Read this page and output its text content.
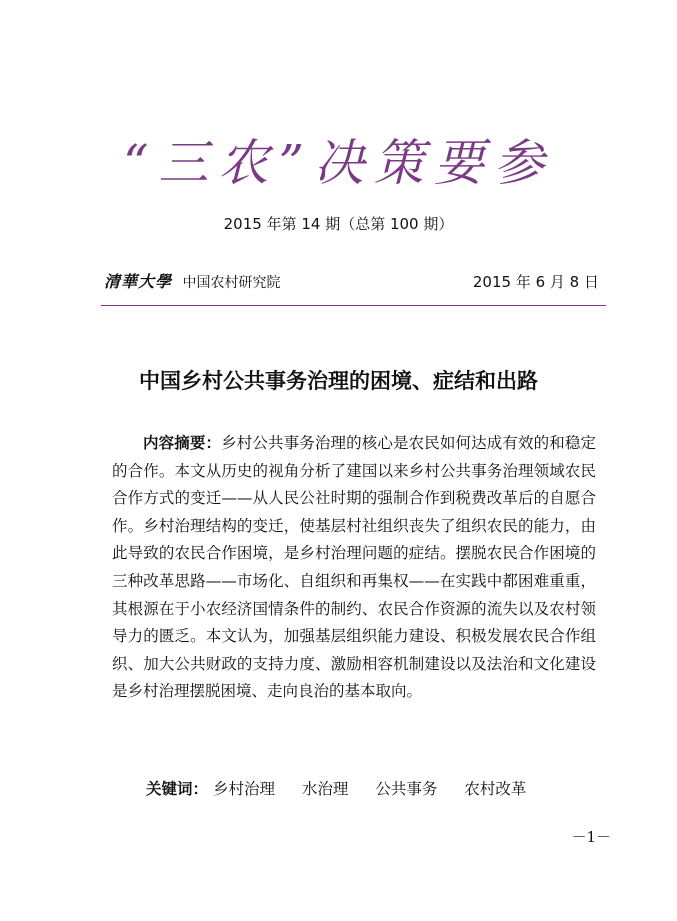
“三农”决策要参
2015 年第 14 期（总第 100 期）
清華大學 中国农村研究院	2015 年 6 月 8 日
中国乡村公共事务治理的困境、症结和出路

内容摘要：乡村公共事务治理的核心是农民如何达成有效的和稳定的合作。本文从历史的视角分析了建国以来乡村公共事务治理领域农民合作方式的变迁——从人民公社时期的强制合作到税费改革后的自愿合作。乡村治理结构的变迁，使基层村社组织丧失了组织农民的能力，由此导致的农民合作困境，是乡村治理问题的症结。摆脱农民合作困境的三种改革思路——市场化、自组织和再集权——在实践中都困难重重，其根源在于小农经济国情条件的制约、农民合作资源的流失以及农村领导力的匮乏。本文认为，加强基层组织能力建设、积极发展农民合作组织、加大公共财政的支持力度、激励相容机制建设以及法治和文化建设是乡村治理摆脱困境、走向良治的基本取向。

关键词： 乡村治理 水治理 公共事务 农村改革
－1－
